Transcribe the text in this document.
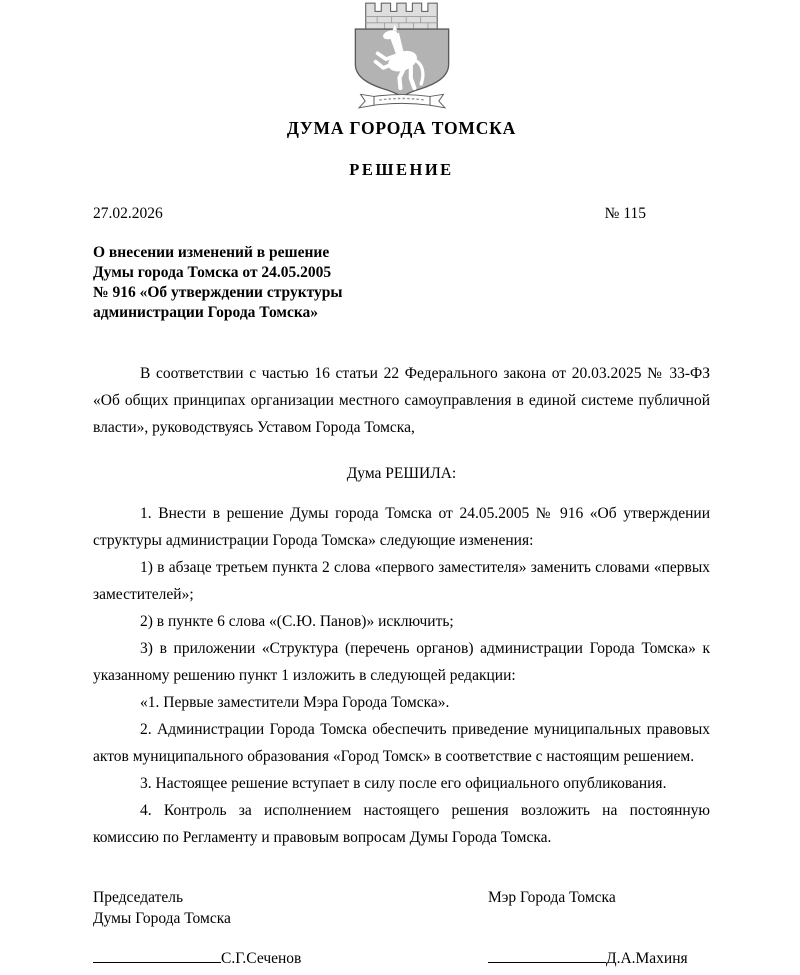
ДУМА ГОРОДА ТОМСКА
РЕШЕНИЕ
27.02.2026	№ 115
О внесении изменений в решение
Думы города Томска от 24.05.2005
№ 916 «Об утверждении структуры
администрации Города Томска»
В соответствии с частью 16 статьи 22 Федерального закона от 20.03.2025 № 33-ФЗ «Об общих принципах организации местного самоуправления в единой системе публичной власти», руководствуясь Уставом Города Томска,
Дума РЕШИЛА:

1. Внести в решение Думы города Томска от 24.05.2005 № 916 «Об утверждении структуры администрации Города Томска» следующие изменения:

1) в абзаце третьем пункта 2 слова «первого заместителя» заменить словами «первых заместителей»;

2) в пункте 6 слова «(С.Ю. Панов)» исключить;

3) в приложении «Структура (перечень органов) администрации Города Томска» к указанному решению пункт 1 изложить в следующей редакции:

«1. Первые заместители Мэра Города Томска».

2. Администрации Города Томска обеспечить приведение муниципальных правовых актов муниципального образования «Город Томск» в соответствие с настоящим решением.

3. Настоящее решение вступает в силу после его официального опубликования.

4. Контроль за исполнением настоящего решения возложить на постоянную комиссию по Регламенту и правовым вопросам Думы Города Томска.

Председатель
Думы Города Томска
Мэр Города Томска
С.Г.Сеченов	Д.А.Махиня
